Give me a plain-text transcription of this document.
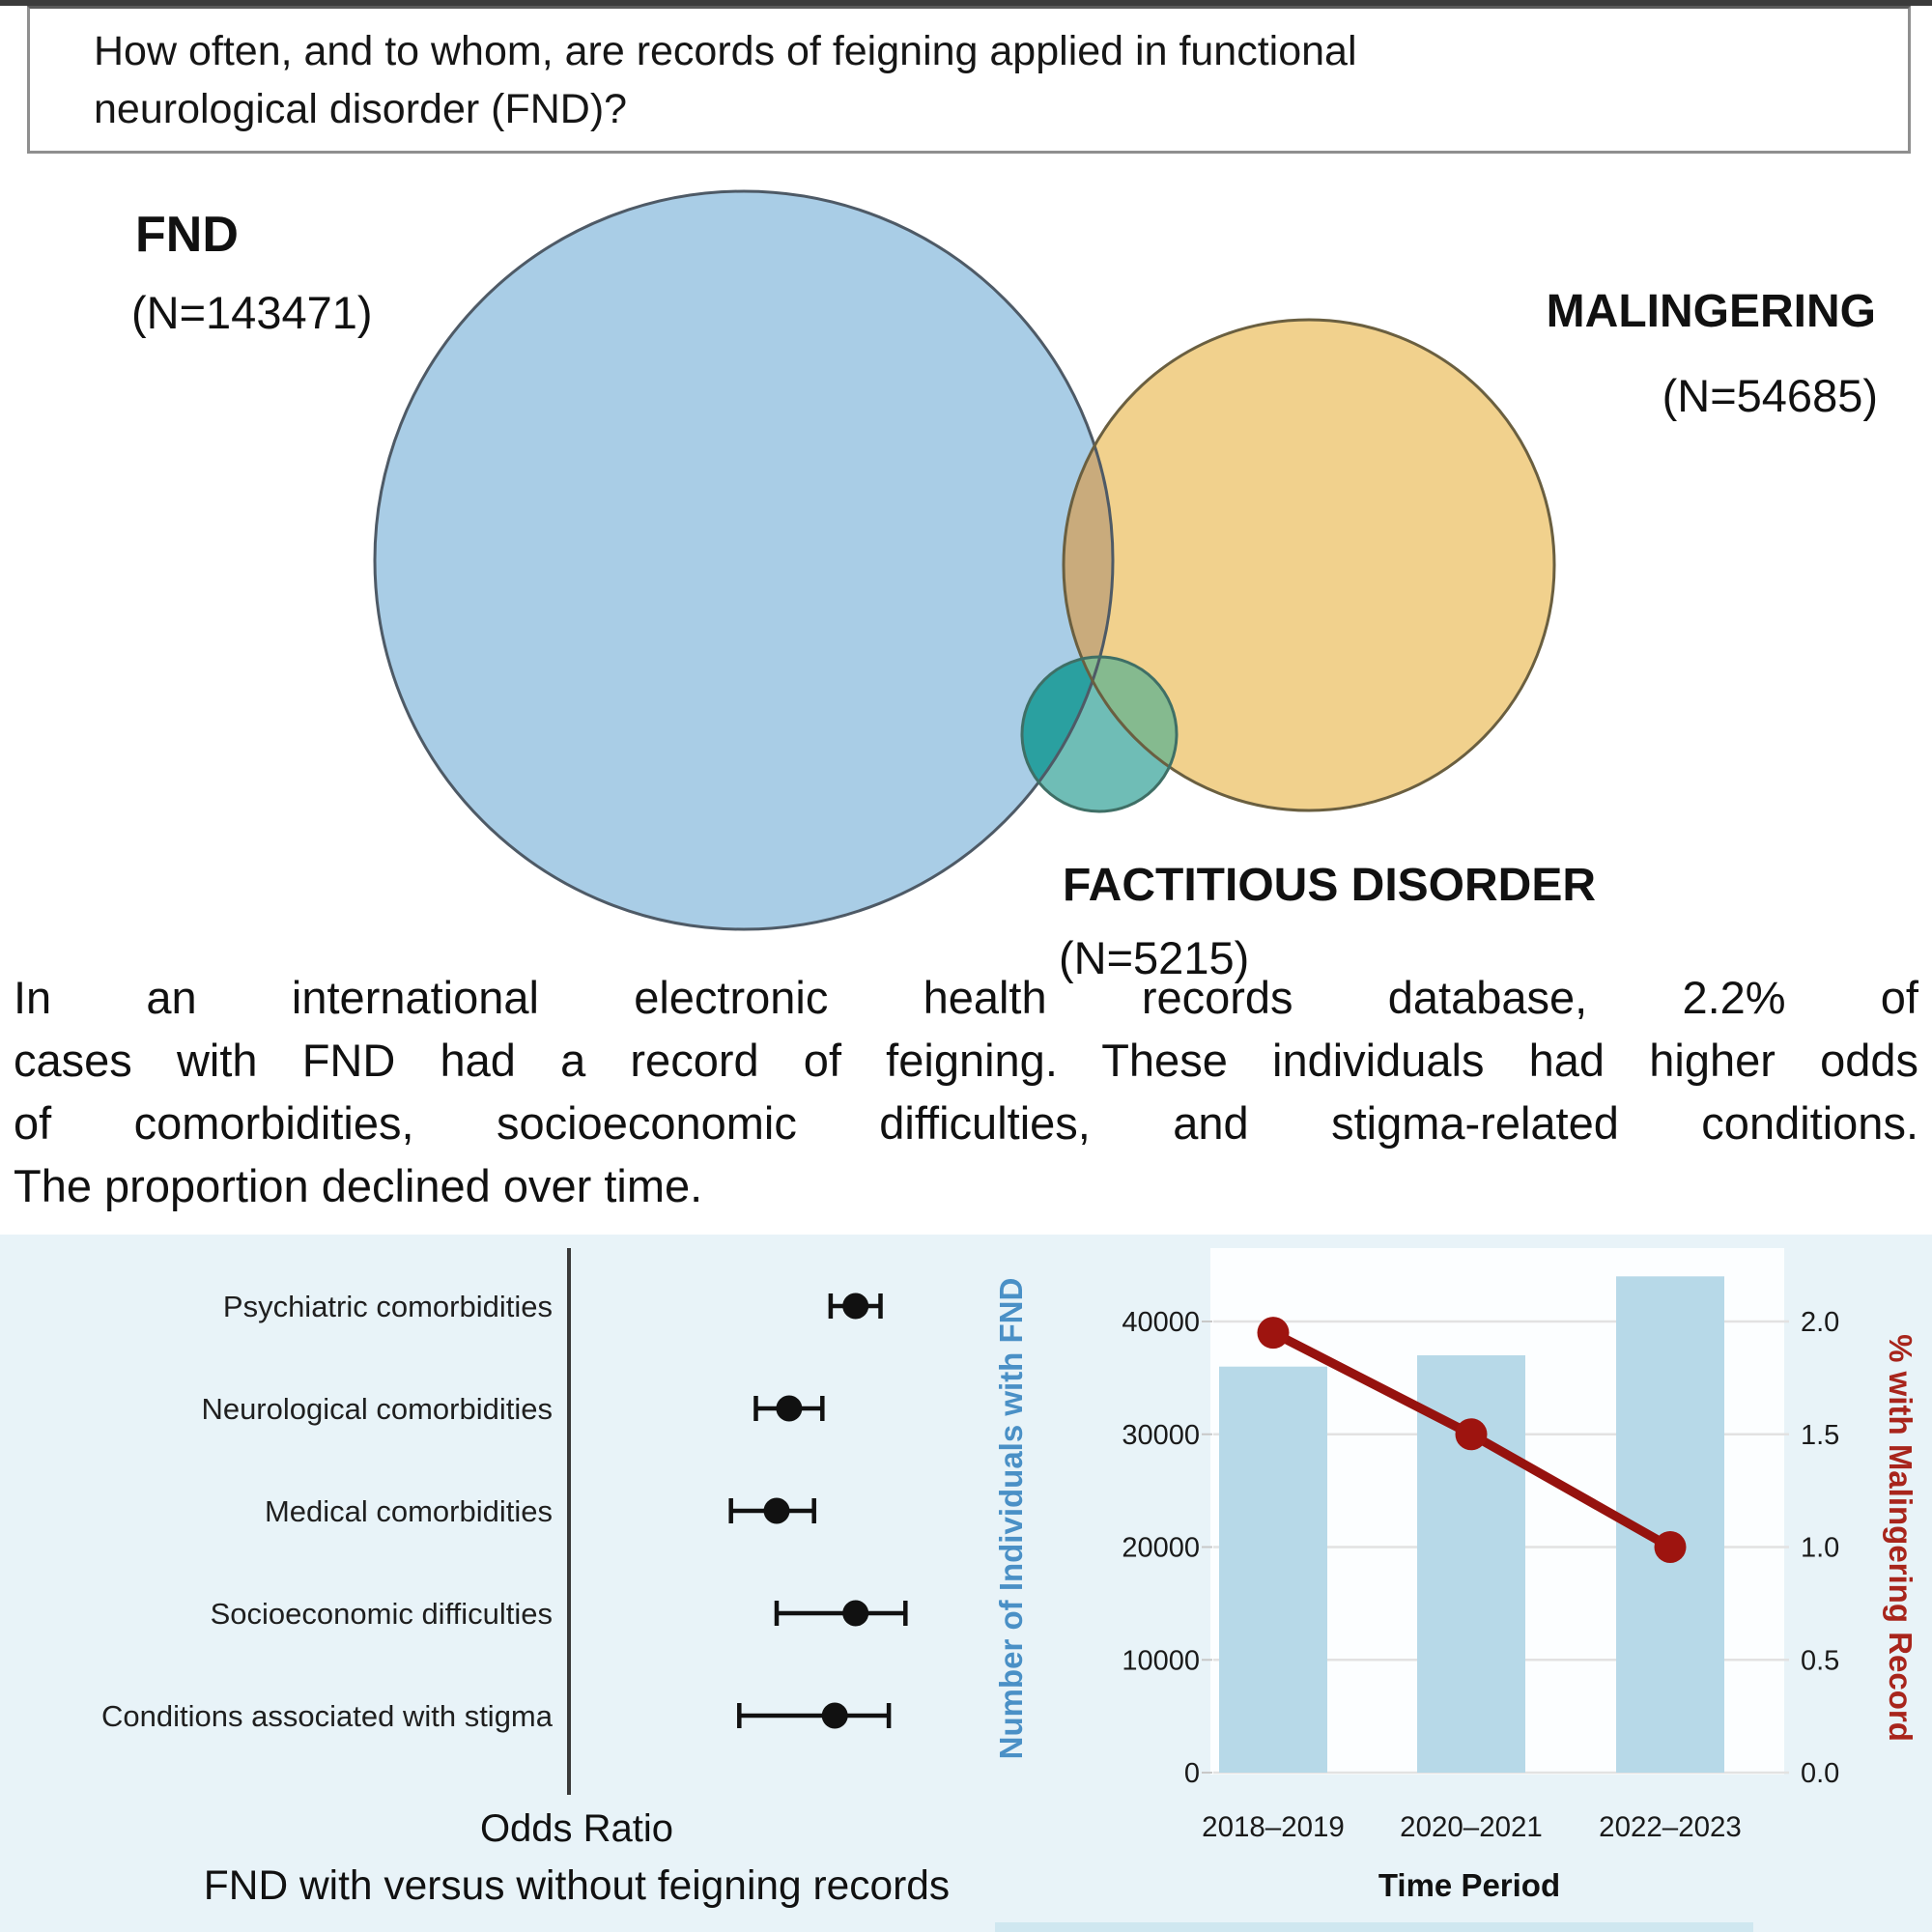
How often, and to whom, are records of feigning applied in functional
neurological disorder (FND)?
FND
(N=143471)	MALINGERING
(N=54685)
FACTITIOUS DISORDER
(N=5215)
In an international electronic health records database, 2.2% of
cases with FND had a record of feigning. These individuals had higher odds
of comorbidities, socioeconomic difficulties, and stigma-related conditions.
The proportion declined over time.
Psychiatric comorbidities
Neurological comorbidities
Medical comorbidities
Socioeconomic difficulties
Conditions associated with stigma
Odds Ratio
FND with versus without feigning records
0
10000
20000
30000
40000
0.0
0.5
1.0
1.5
2.0
2018–2019 2020–2021 2022–2023
Time Period
Number of Individuals with FND	% with Malingering Record
